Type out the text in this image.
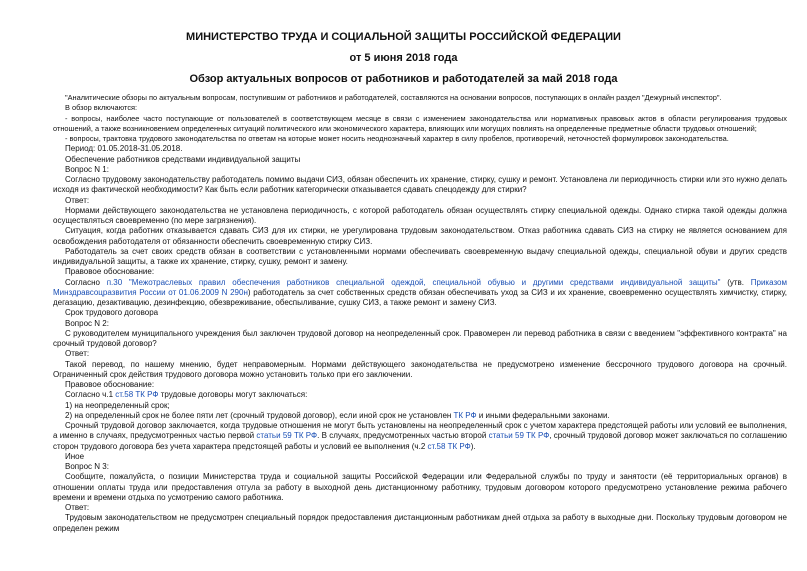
МИНИСТЕРСТВО ТРУДА И СОЦИАЛЬНОЙ ЗАЩИТЫ РОССИЙСКОЙ ФЕДЕРАЦИИ
от 5 июня 2018 года
Обзор актуальных вопросов от работников и работодателей за май 2018 года

"Аналитические обзоры по актуальным вопросам, поступившим от работников и работодателей, составляются на основании вопросов, поступающих в онлайн раздел "Дежурный инспектор".

В обзор включаются:

- вопросы, наиболее часто поступающие от пользователей в соответствующем месяце в связи с изменением законодательства или нормативных правовых актов в области регулирования трудовых отношений, а также возникновением определенных ситуаций политического или экономического характера, влияющих или могущих повлиять на определенные предметные области трудовых отношений;

- вопросы, трактовка трудового законодательства по ответам на которые может носить неоднозначный характер в силу пробелов, противоречий, неточностей формулировок законодательства.

Период: 01.05.2018-31.05.2018.

Обеспечение работников средствами индивидуальной защиты

Вопрос N 1:

Согласно трудовому законодательству работодатель помимо выдачи СИЗ, обязан обеспечить их хранение, стирку, сушку и ремонт. Установлена ли периодичность стирки или это нужно делать исходя из фактической необходимости? Как быть если работник категорически отказывается сдавать спецодежду для стирки?

Ответ:

Нормами действующего законодательства не установлена периодичность, с которой работодатель обязан осуществлять стирку специальной одежды. Однако стирка такой одежды должна осуществляться своевременно (по мере загрязнения).

Ситуация, когда работник отказывается сдавать СИЗ для их стирки, не урегулирована трудовым законодательством. Отказ работника сдавать СИЗ на стирку не является основанием для освобождения работодателя от обязанности обеспечить своевременную стирку СИЗ.

Работодатель за счет своих средств обязан в соответствии с установленными нормами обеспечивать своевременную выдачу специальной одежды, специальной обуви и других средств индивидуальной защиты, а также их хранение, стирку, сушку, ремонт и замену.

Правовое обоснование:

Согласно п.30 "Межотраслевых правил обеспечения работников специальной одеждой, специальной обувью и другими средствами индивидуальной защиты" (утв. Приказом Минздравсоцразвития России от 01.06.2009 N 290н) работодатель за счет собственных средств обязан обеспечивать уход за СИЗ и их хранение, своевременно осуществлять химчистку, стирку, дегазацию, дезактивацию, дезинфекцию, обезвреживание, обеспыливание, сушку СИЗ, а также ремонт и замену СИЗ.

Срок трудового договора

Вопрос N 2:

С руководителем муниципального учреждения был заключен трудовой договор на неопределенный срок. Правомерен ли перевод работника в связи с введением "эффективного контракта" на срочный трудовой договор?

Ответ:

Такой перевод, по нашему мнению, будет неправомерным. Нормами действующего законодательства не предусмотрено изменение бессрочного трудового договора на срочный. Ограниченный срок действия трудового договора можно установить только при его заключении.

Правовое обоснование:

Согласно ч.1 ст.58 ТК РФ трудовые договоры могут заключаться:

1) на неопределенный срок;

2) на определенный срок не более пяти лет (срочный трудовой договор), если иной срок не установлен ТК РФ и иными федеральными законами.

Срочный трудовой договор заключается, когда трудовые отношения не могут быть установлены на неопределенный срок с учетом характера предстоящей работы или условий ее выполнения, а именно в случаях, предусмотренных частью первой статьи 59 ТК РФ. В случаях, предусмотренных частью второй статьи 59 ТК РФ, срочный трудовой договор может заключаться по соглашению сторон трудового договора без учета характера предстоящей работы и условий ее выполнения (ч.2 ст.58 ТК РФ).

Иное

Вопрос N 3:

Сообщите, пожалуйста, о позиции Министерства труда и социальной защиты Российской Федерации или Федеральной службы по труду и занятости (её территориальных органов) в отношении оплаты труда или предоставления отгула за работу в выходной день дистанционному работнику, трудовым договором которого предусмотрено установление режима рабочего времени и времени отдыха по усмотрению самого работника.

Ответ:

Трудовым законодательством не предусмотрен специальный порядок предоставления дистанционным работникам дней отдыха за работу в выходные дни. Поскольку трудовым договором не определен режим
